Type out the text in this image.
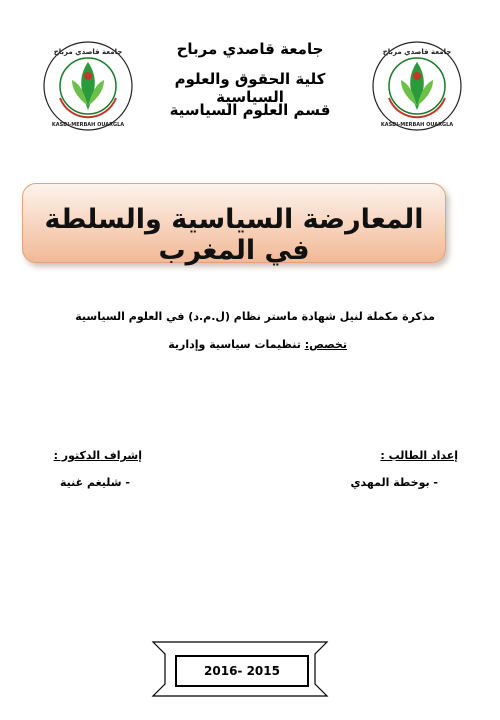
جامعة قاصدي مرباح
KASDI-MERBAH OUARGLA
جامعة قاصدي مرباح
KASDI-MERBAH OUARGLA
جامعة قاصدي مرباح
كلية الحقوق والعلوم السياسية
قسم العلوم السياسية
المعارضة السياسية والسلطة في المغرب
مذكرة مكملة لنيل شهادة ماستر نظام (ل.م.د) في العلوم السياسية
تخصص: تنظيمات سياسية وإدارية
إعداد الطالب :
- بوخطة المهدي
إشراف الدكتور :
- شليغم غنية
2016- 2015
